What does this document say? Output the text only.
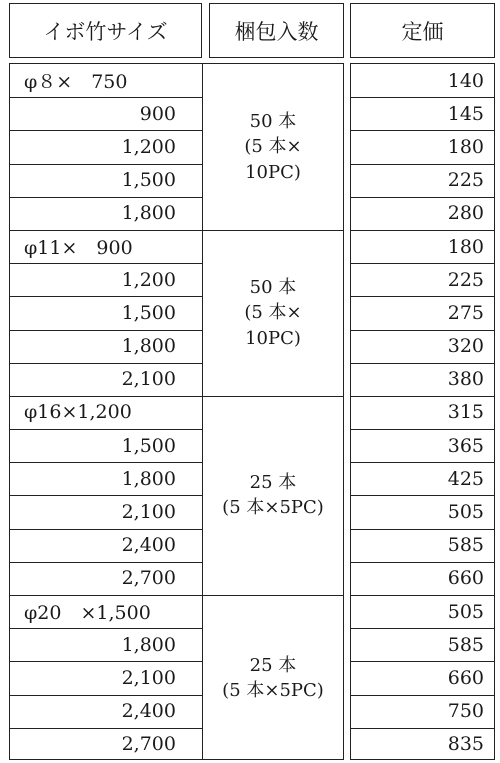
イボ竹サイズ	梱包入数	定価
φ８×　750
900
1,200
1,500
1,800
φ11×　900
1,200
1,500
1,800
2,100
φ16×1,200
1,500
1,800
2,100
2,400
2,700
φ20　×1,500
1,800
2,100
2,400
2,700
50 本
(5 本×
10PC)
50 本
(5 本×
10PC)
25 本
(5 本×5PC)
25 本
(5 本×5PC)
140
145
180
225
280
180
225
275
320
380
315
365
425
505
585
660
505
585
660
750
835
